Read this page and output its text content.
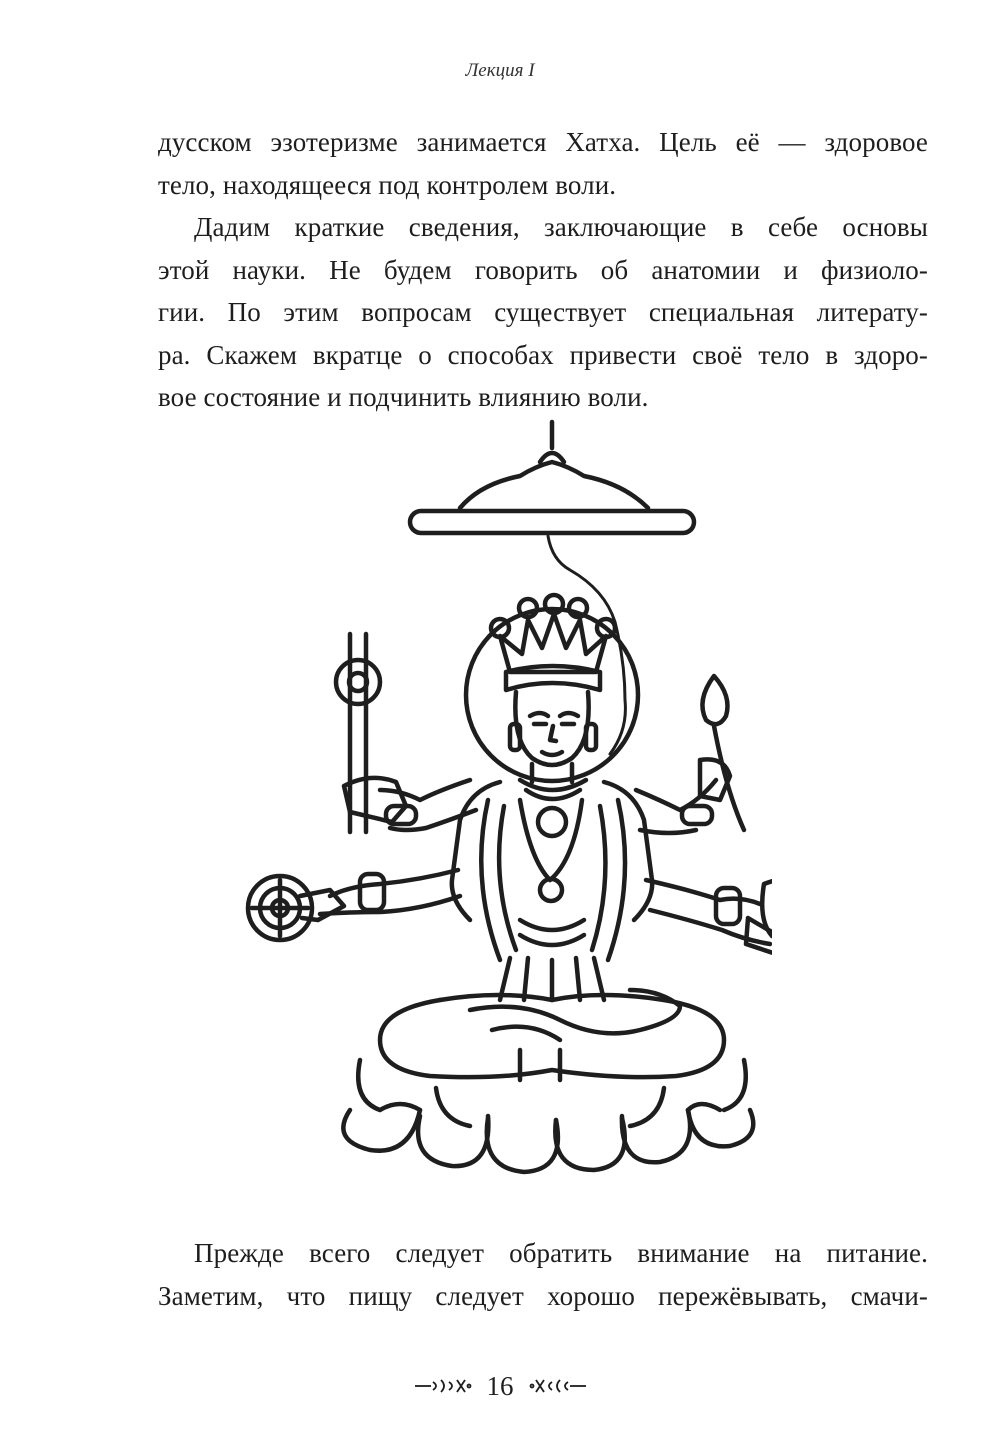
Лекция I

дусском эзотеризме занимается Хатха. Цель её — здоровое
тело, находящееся под контролем воли.

Дадим краткие сведения, заключающие в себе основы
этой науки. Не будем говорить об анатомии и физиоло-
гии. По этим вопросам существует специальная литерату-
ра. Скажем вкратце о способах привести своё тело в здоро-
вое состояние и подчинить влиянию воли.

Прежде всего следует обратить внимание на питание.
Заметим, что пищу следует хорошо пережёвывать, смачи-

16
